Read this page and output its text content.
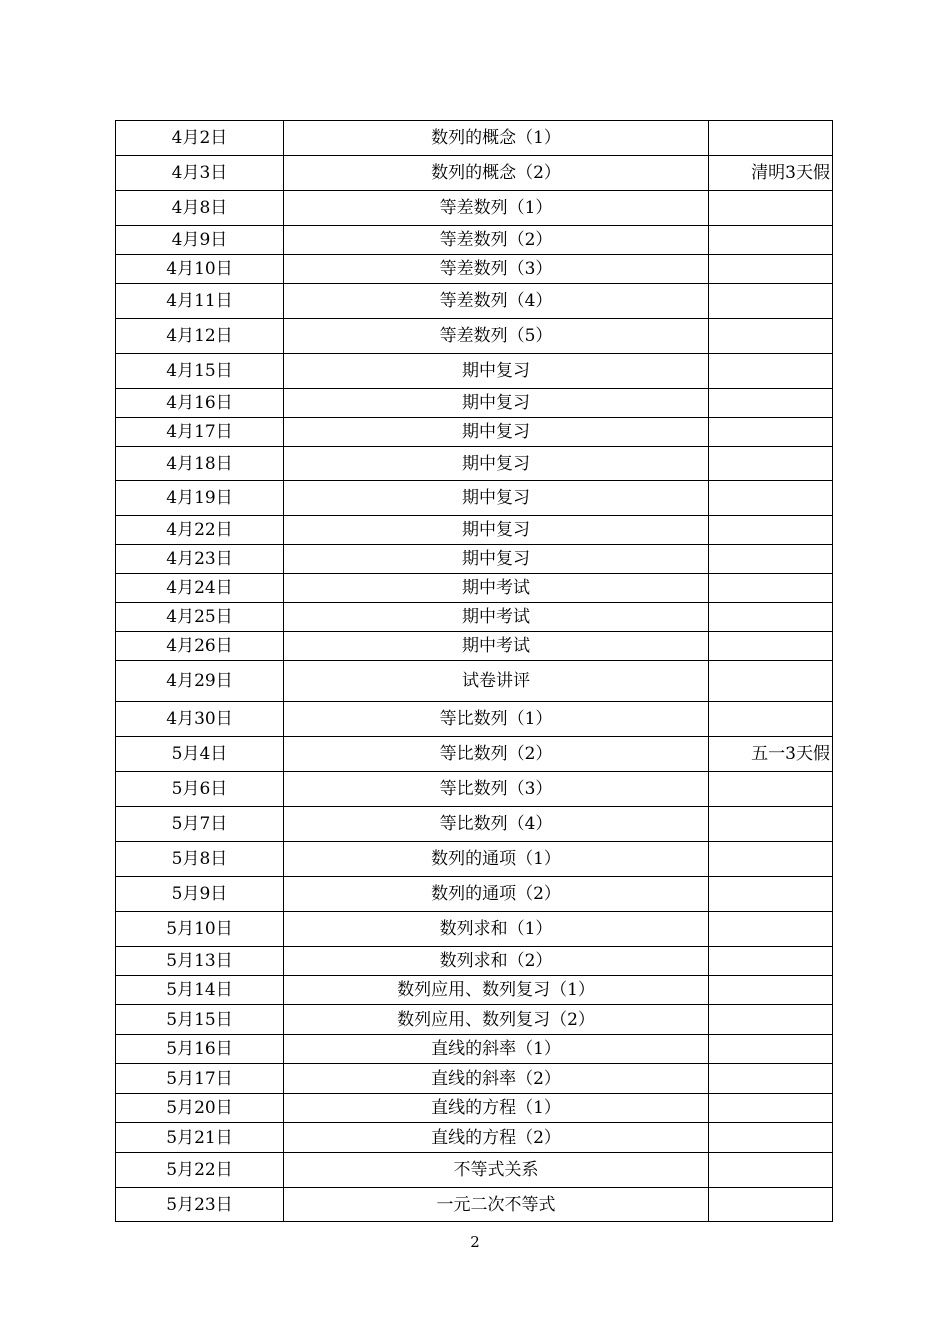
4月2日	数列的概念（1）	
4月3日	数列的概念（2）	清明3天假
4月8日	等差数列（1）	
4月9日	等差数列（2）	
4月10日	等差数列（3）	
4月11日	等差数列（4）	
4月12日	等差数列（5）	
4月15日	期中复习	
4月16日	期中复习	
4月17日	期中复习	
4月18日	期中复习	
4月19日	期中复习	
4月22日	期中复习	
4月23日	期中复习	
4月24日	期中考试	
4月25日	期中考试	
4月26日	期中考试	
4月29日	试卷讲评	
4月30日	等比数列（1）	
5月4日	等比数列（2）	五一3天假
5月6日	等比数列（3）	
5月7日	等比数列（4）	
5月8日	数列的通项（1）	
5月9日	数列的通项（2）	
5月10日	数列求和（1）	
5月13日	数列求和（2）	
5月14日	数列应用、数列复习（1）	
5月15日	数列应用、数列复习（2）	
5月16日	直线的斜率（1）	
5月17日	直线的斜率（2）	
5月20日	直线的方程（1）	
5月21日	直线的方程（2）	
5月22日	不等式关系	
5月23日	一元二次不等式	
2
